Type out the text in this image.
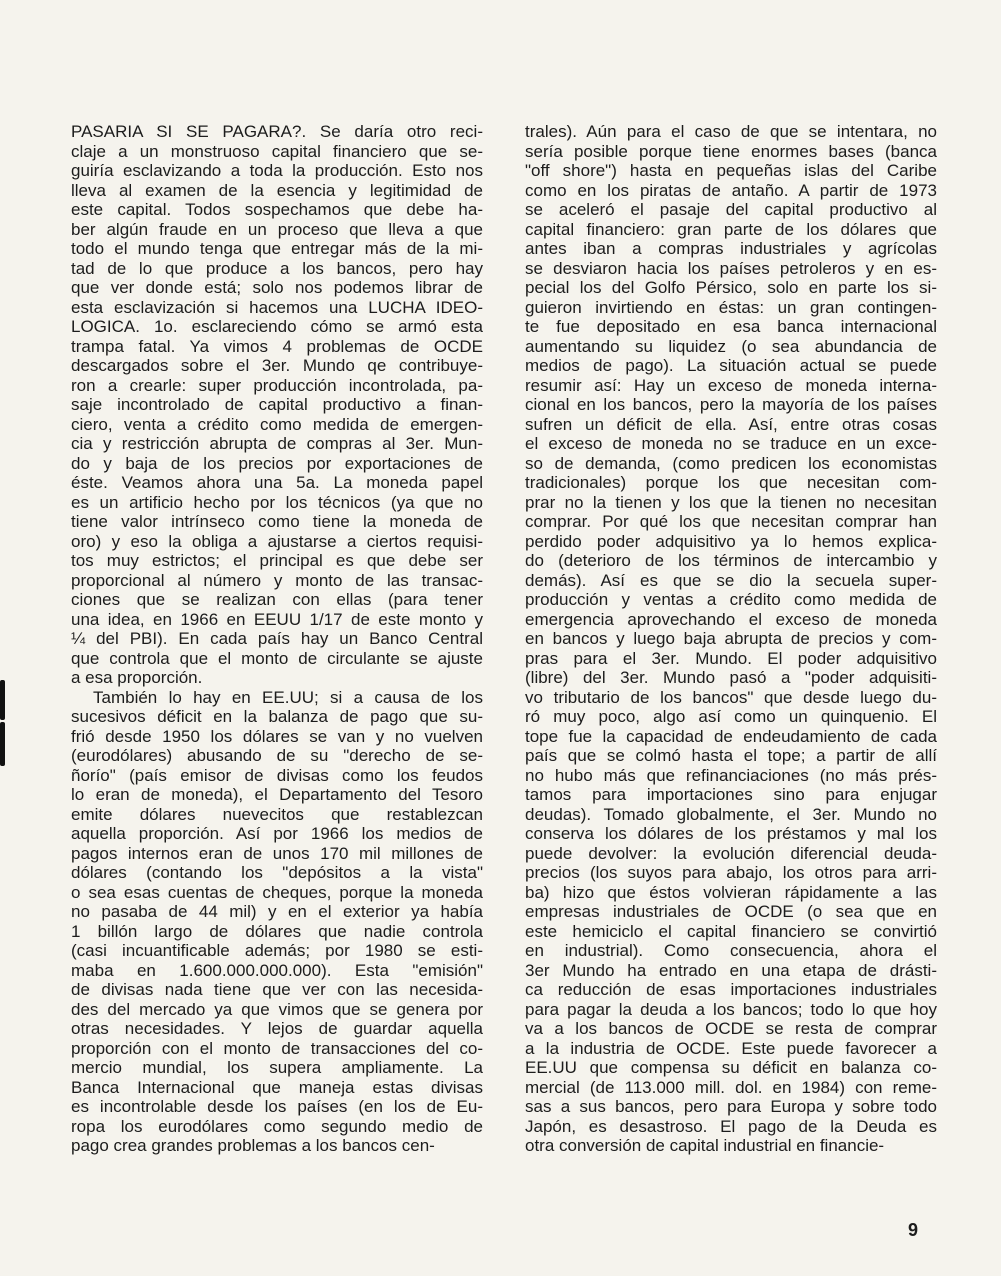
PASARIA SI SE PAGARA?. Se daría otro reci-
claje a un monstruoso capital financiero que se-
guiría esclavizando a toda la producción. Esto nos
lleva al examen de la esencia y legitimidad de
este capital. Todos sospechamos que debe ha-
ber algún fraude en un proceso que lleva a que
todo el mundo tenga que entregar más de la mi-
tad de lo que produce a los bancos, pero hay
que ver donde está; solo nos podemos librar de
esta esclavización si hacemos una LUCHA IDEO-
LOGICA. 1o. esclareciendo cómo se armó esta
trampa fatal. Ya vimos 4 problemas de OCDE
descargados sobre el 3er. Mundo qe contribuye-
ron a crearle: super producción incontrolada, pa-
saje incontrolado de capital productivo a finan-
ciero, venta a crédito como medida de emergen-
cia y restricción abrupta de compras al 3er. Mun-
do y baja de los precios por exportaciones de
éste. Veamos ahora una 5a. La moneda papel
es un artificio hecho por los técnicos (ya que no
tiene valor intrínseco como tiene la moneda de
oro) y eso la obliga a ajustarse a ciertos requisi-
tos muy estrictos; el principal es que debe ser
proporcional al número y monto de las transac-
ciones que se realizan con ellas (para tener
una idea, en 1966 en EEUU 1/17 de este monto y
¼ del PBI). En cada país hay un Banco Central
que controla que el monto de circulante se ajuste
a esa proporción.
También lo hay en EE.UU; si a causa de los
sucesivos déficit en la balanza de pago que su-
frió desde 1950 los dólares se van y no vuelven
(eurodólares) abusando de su "derecho de se-
ñorío" (país emisor de divisas como los feudos
lo eran de moneda), el Departamento del Tesoro
emite dólares nuevecitos que restablezcan
aquella proporción. Así por 1966 los medios de
pagos internos eran de unos 170 mil millones de
dólares (contando los "depósitos a la vista"
o sea esas cuentas de cheques, porque la moneda
no pasaba de 44 mil) y en el exterior ya había
1 billón largo de dólares que nadie controla
(casi incuantificable además; por 1980 se esti-
maba en 1.600.000.000.000). Esta "emisión"
de divisas nada tiene que ver con las necesida-
des del mercado ya que vimos que se genera por
otras necesidades. Y lejos de guardar aquella
proporción con el monto de transacciones del co-
mercio mundial, los supera ampliamente. La
Banca Internacional que maneja estas divisas
es incontrolable desde los países (en los de Eu-
ropa los eurodólares como segundo medio de
pago crea grandes problemas a los bancos cen-
trales). Aún para el caso de que se intentara, no
sería posible porque tiene enormes bases (banca
"off shore") hasta en pequeñas islas del Caribe
como en los piratas de antaño. A partir de 1973
se aceleró el pasaje del capital productivo al
capital financiero: gran parte de los dólares que
antes iban a compras industriales y agrícolas
se desviaron hacia los países petroleros y en es-
pecial los del Golfo Pérsico, solo en parte los si-
guieron invirtiendo en éstas: un gran contingen-
te fue depositado en esa banca internacional
aumentando su liquidez (o sea abundancia de
medios de pago). La situación actual se puede
resumir así: Hay un exceso de moneda interna-
cional en los bancos, pero la mayoría de los países
sufren un déficit de ella. Así, entre otras cosas
el exceso de moneda no se traduce en un exce-
so de demanda, (como predicen los economistas
tradicionales) porque los que necesitan com-
prar no la tienen y los que la tienen no necesitan
comprar. Por qué los que necesitan comprar han
perdido poder adquisitivo ya lo hemos explica-
do (deterioro de los términos de intercambio y
demás). Así es que se dio la secuela super-
producción y ventas a crédito como medida de
emergencia aprovechando el exceso de moneda
en bancos y luego baja abrupta de precios y com-
pras para el 3er. Mundo. El poder adquisitivo
(libre) del 3er. Mundo pasó a "poder adquisiti-
vo tributario de los bancos" que desde luego du-
ró muy poco, algo así como un quinquenio. El
tope fue la capacidad de endeudamiento de cada
país que se colmó hasta el tope; a partir de allí
no hubo más que refinanciaciones (no más prés-
tamos para importaciones sino para enjugar
deudas). Tomado globalmente, el 3er. Mundo no
conserva los dólares de los préstamos y mal los
puede devolver: la evolución diferencial deuda-
precios (los suyos para abajo, los otros para arri-
ba) hizo que éstos volvieran rápidamente a las
empresas industriales de OCDE (o sea que en
este hemiciclo el capital financiero se convirtió
en industrial). Como consecuencia, ahora el
3er Mundo ha entrado en una etapa de drásti-
ca reducción de esas importaciones industriales
para pagar la deuda a los bancos; todo lo que hoy
va a los bancos de OCDE se resta de comprar
a la industria de OCDE. Este puede favorecer a
EE.UU que compensa su déficit en balanza co-
mercial (de 113.000 mill. dol. en 1984) con reme-
sas a sus bancos, pero para Europa y sobre todo
Japón, es desastroso. El pago de la Deuda es
otra conversión de capital industrial en financie-
9
